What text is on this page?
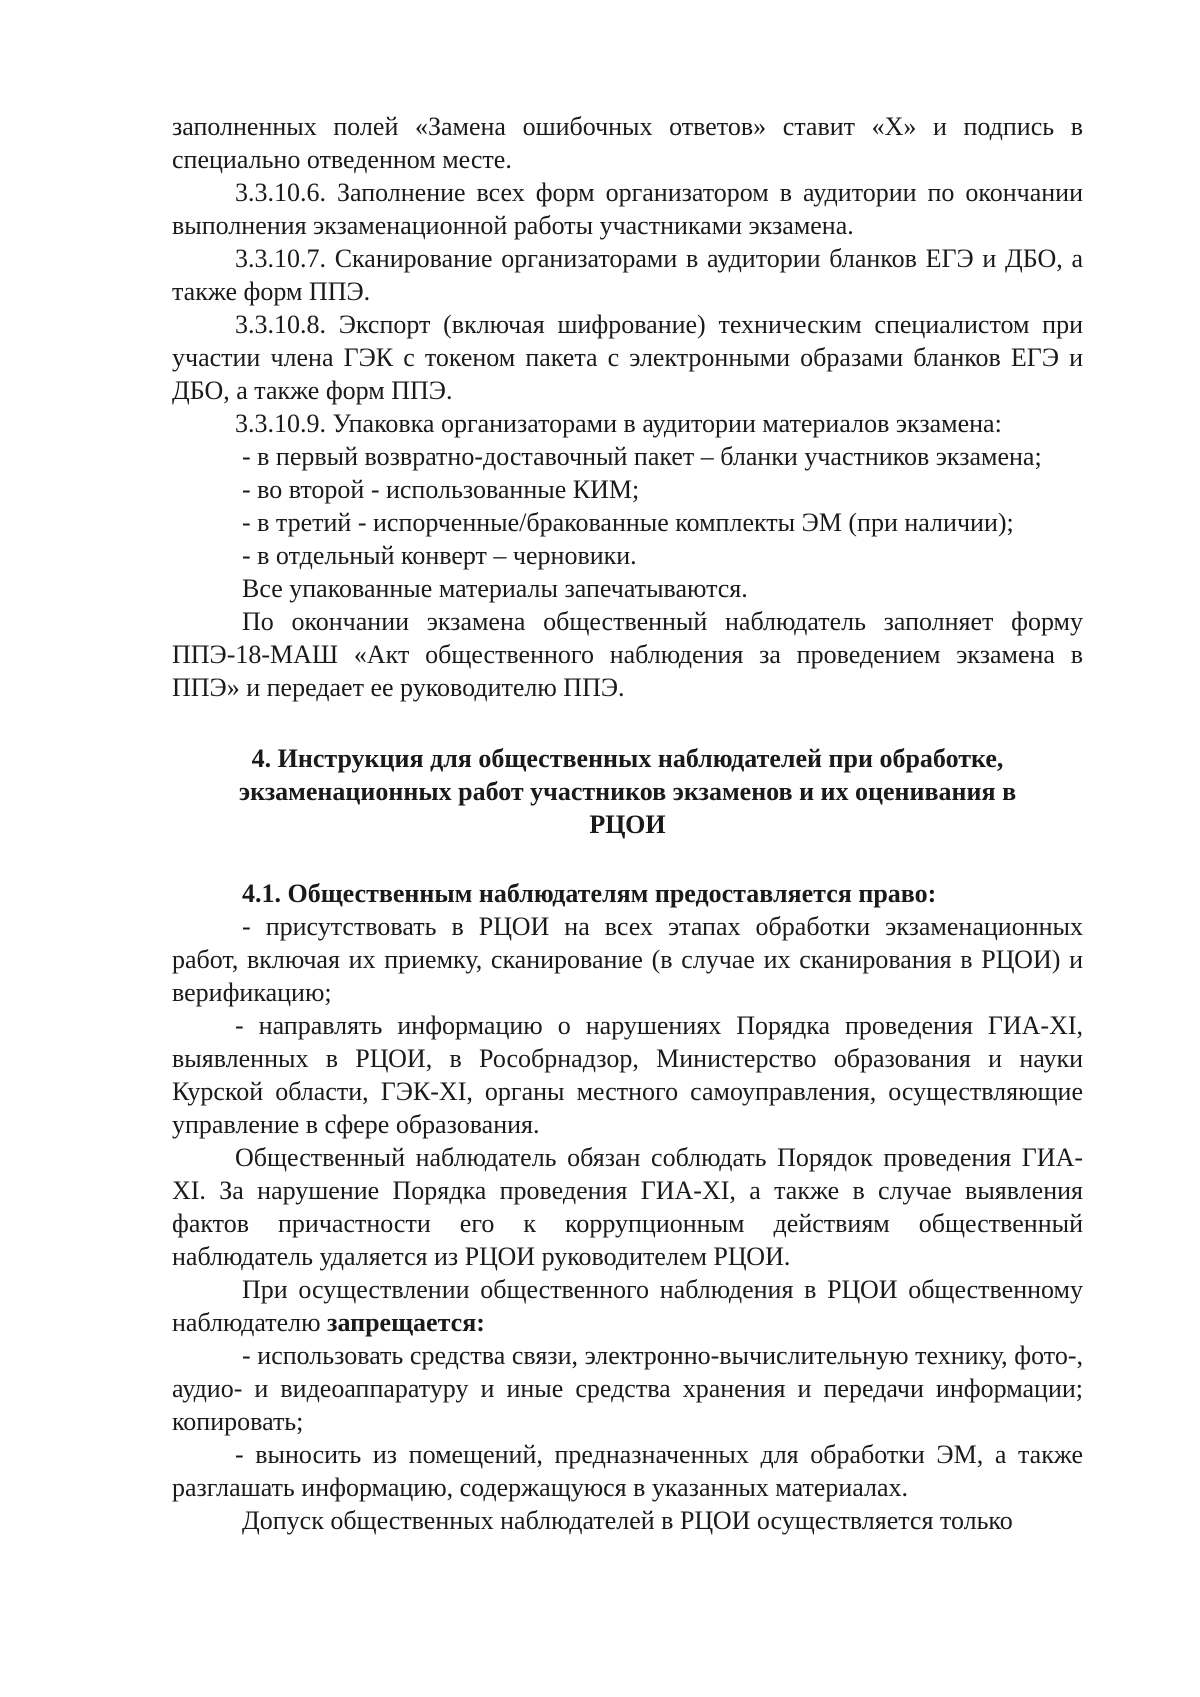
заполненных полей «Замена ошибочных ответов» ставит «X» и подпись в специально отведенном месте.

3.3.10.6. Заполнение всех форм организатором в аудитории по окончании выполнения экзаменационной работы участниками экзамена.

3.3.10.7. Сканирование организаторами в аудитории бланков ЕГЭ и ДБО, а также форм ППЭ.

3.3.10.8. Экспорт (включая шифрование) техническим специалистом при участии члена ГЭК с токеном пакета с электронными образами бланков ЕГЭ и ДБО, а также форм ППЭ.

3.3.10.9. Упаковка организаторами в аудитории материалов экзамена:

- в первый возвратно-доставочный пакет – бланки участников экзамена;

- во второй - использованные КИМ;

- в третий - испорченные/бракованные комплекты ЭМ (при наличии);

- в отдельный конверт – черновики.

Все упакованные материалы запечатываются.

По окончании экзамена общественный наблюдатель заполняет форму ППЭ-18-МАШ «Акт общественного наблюдения за проведением экзамена в ППЭ» и передает ее руководителю ППЭ.

4. Инструкция для общественных наблюдателей при обработке, экзаменационных работ участников экзаменов и их оценивания в РЦОИ

4.1. Общественным наблюдателям предоставляется право:

- присутствовать в РЦОИ на всех этапах обработки экзаменационных работ, включая их приемку, сканирование (в случае их сканирования в РЦОИ) и верификацию;

- направлять информацию о нарушениях Порядка проведения ГИА-XI, выявленных в РЦОИ, в Рособрнадзор, Министерство образования и науки Курской области, ГЭК-XI, органы местного самоуправления, осуществляющие управление в сфере образования.

Общественный наблюдатель обязан соблюдать Порядок проведения ГИА-XI. За нарушение Порядка проведения ГИА-XI, а также в случае выявления фактов причастности его к коррупционным действиям общественный наблюдатель удаляется из РЦОИ руководителем РЦОИ.

При осуществлении общественного наблюдения в РЦОИ общественному наблюдателю запрещается:

- использовать средства связи, электронно-вычислительную технику, фото-, аудио- и видеоаппаратуру и иные средства хранения и передачи информации; копировать;

- выносить из помещений, предназначенных для обработки ЭМ, а также разглашать информацию, содержащуюся в указанных материалах.

Допуск общественных наблюдателей в РЦОИ осуществляется только
